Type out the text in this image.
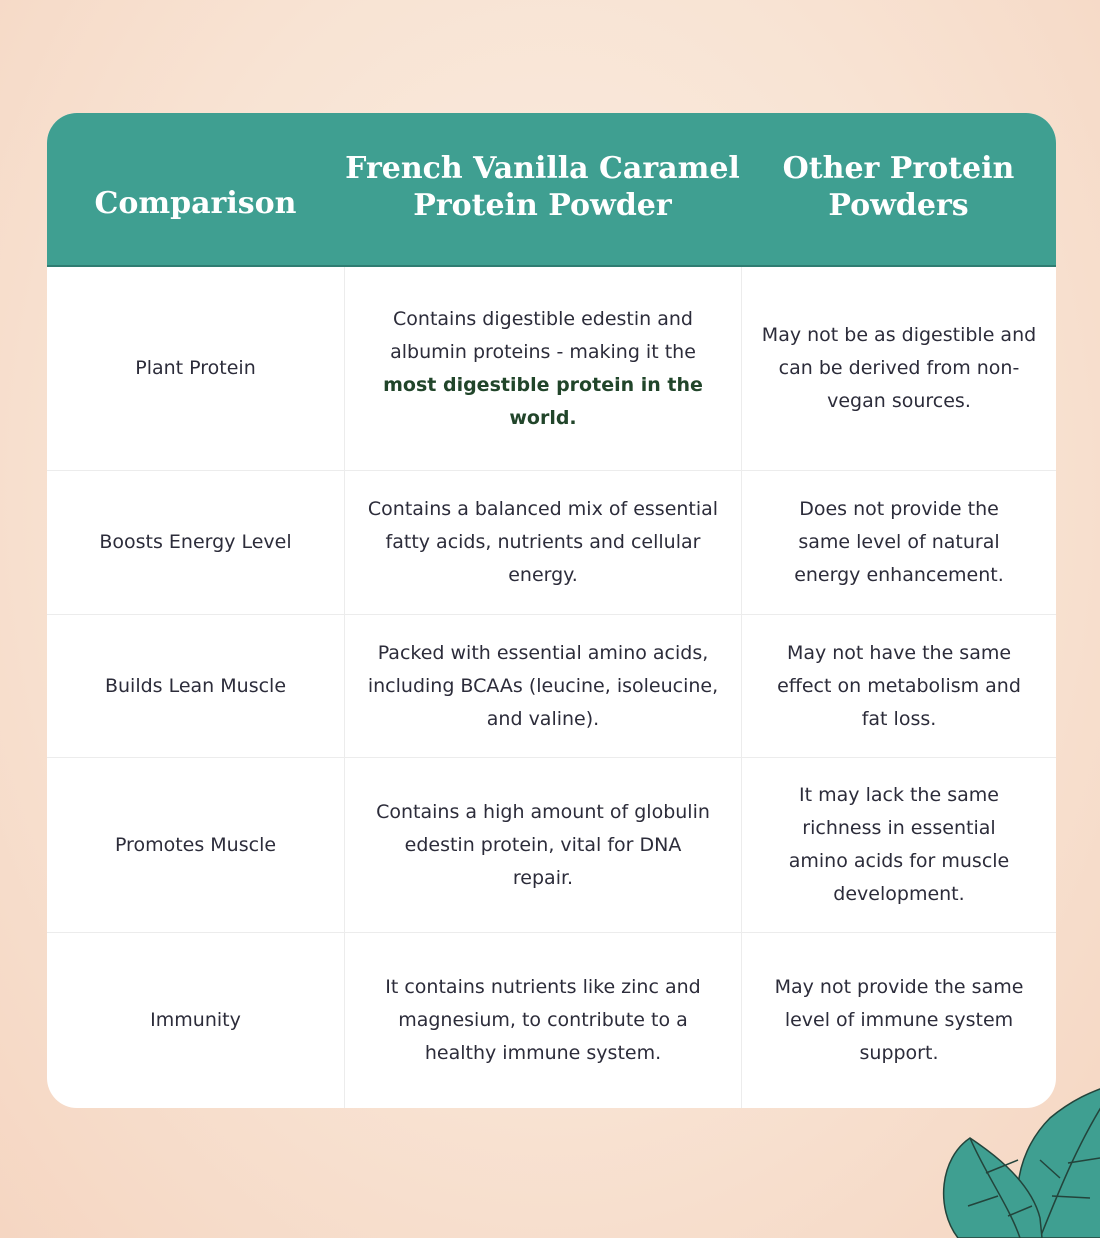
Comparison
French Vanilla Caramel
Protein Powder
Other Protein
Powders
Plant Protein
Contains digestible edestin and albumin proteins - making it the most digestible protein in the world.
May not be as digestible and can be derived from non-vegan sources.
Boosts Energy Level
Contains a balanced mix of essential fatty acids, nutrients and cellular energy.
Does not provide the same level of natural energy enhancement.
Builds Lean Muscle
Packed with essential amino acids, including BCAAs (leucine, isoleucine, and valine).
May not have the same effect on metabolism and fat loss.
Promotes Muscle
Contains a high amount of globulin edestin protein, vital for DNA repair.
It may lack the same richness in essential amino acids for muscle development.
Immunity
It contains nutrients like zinc and magnesium, to contribute to a healthy immune system.
May not provide the same level of immune system support.
